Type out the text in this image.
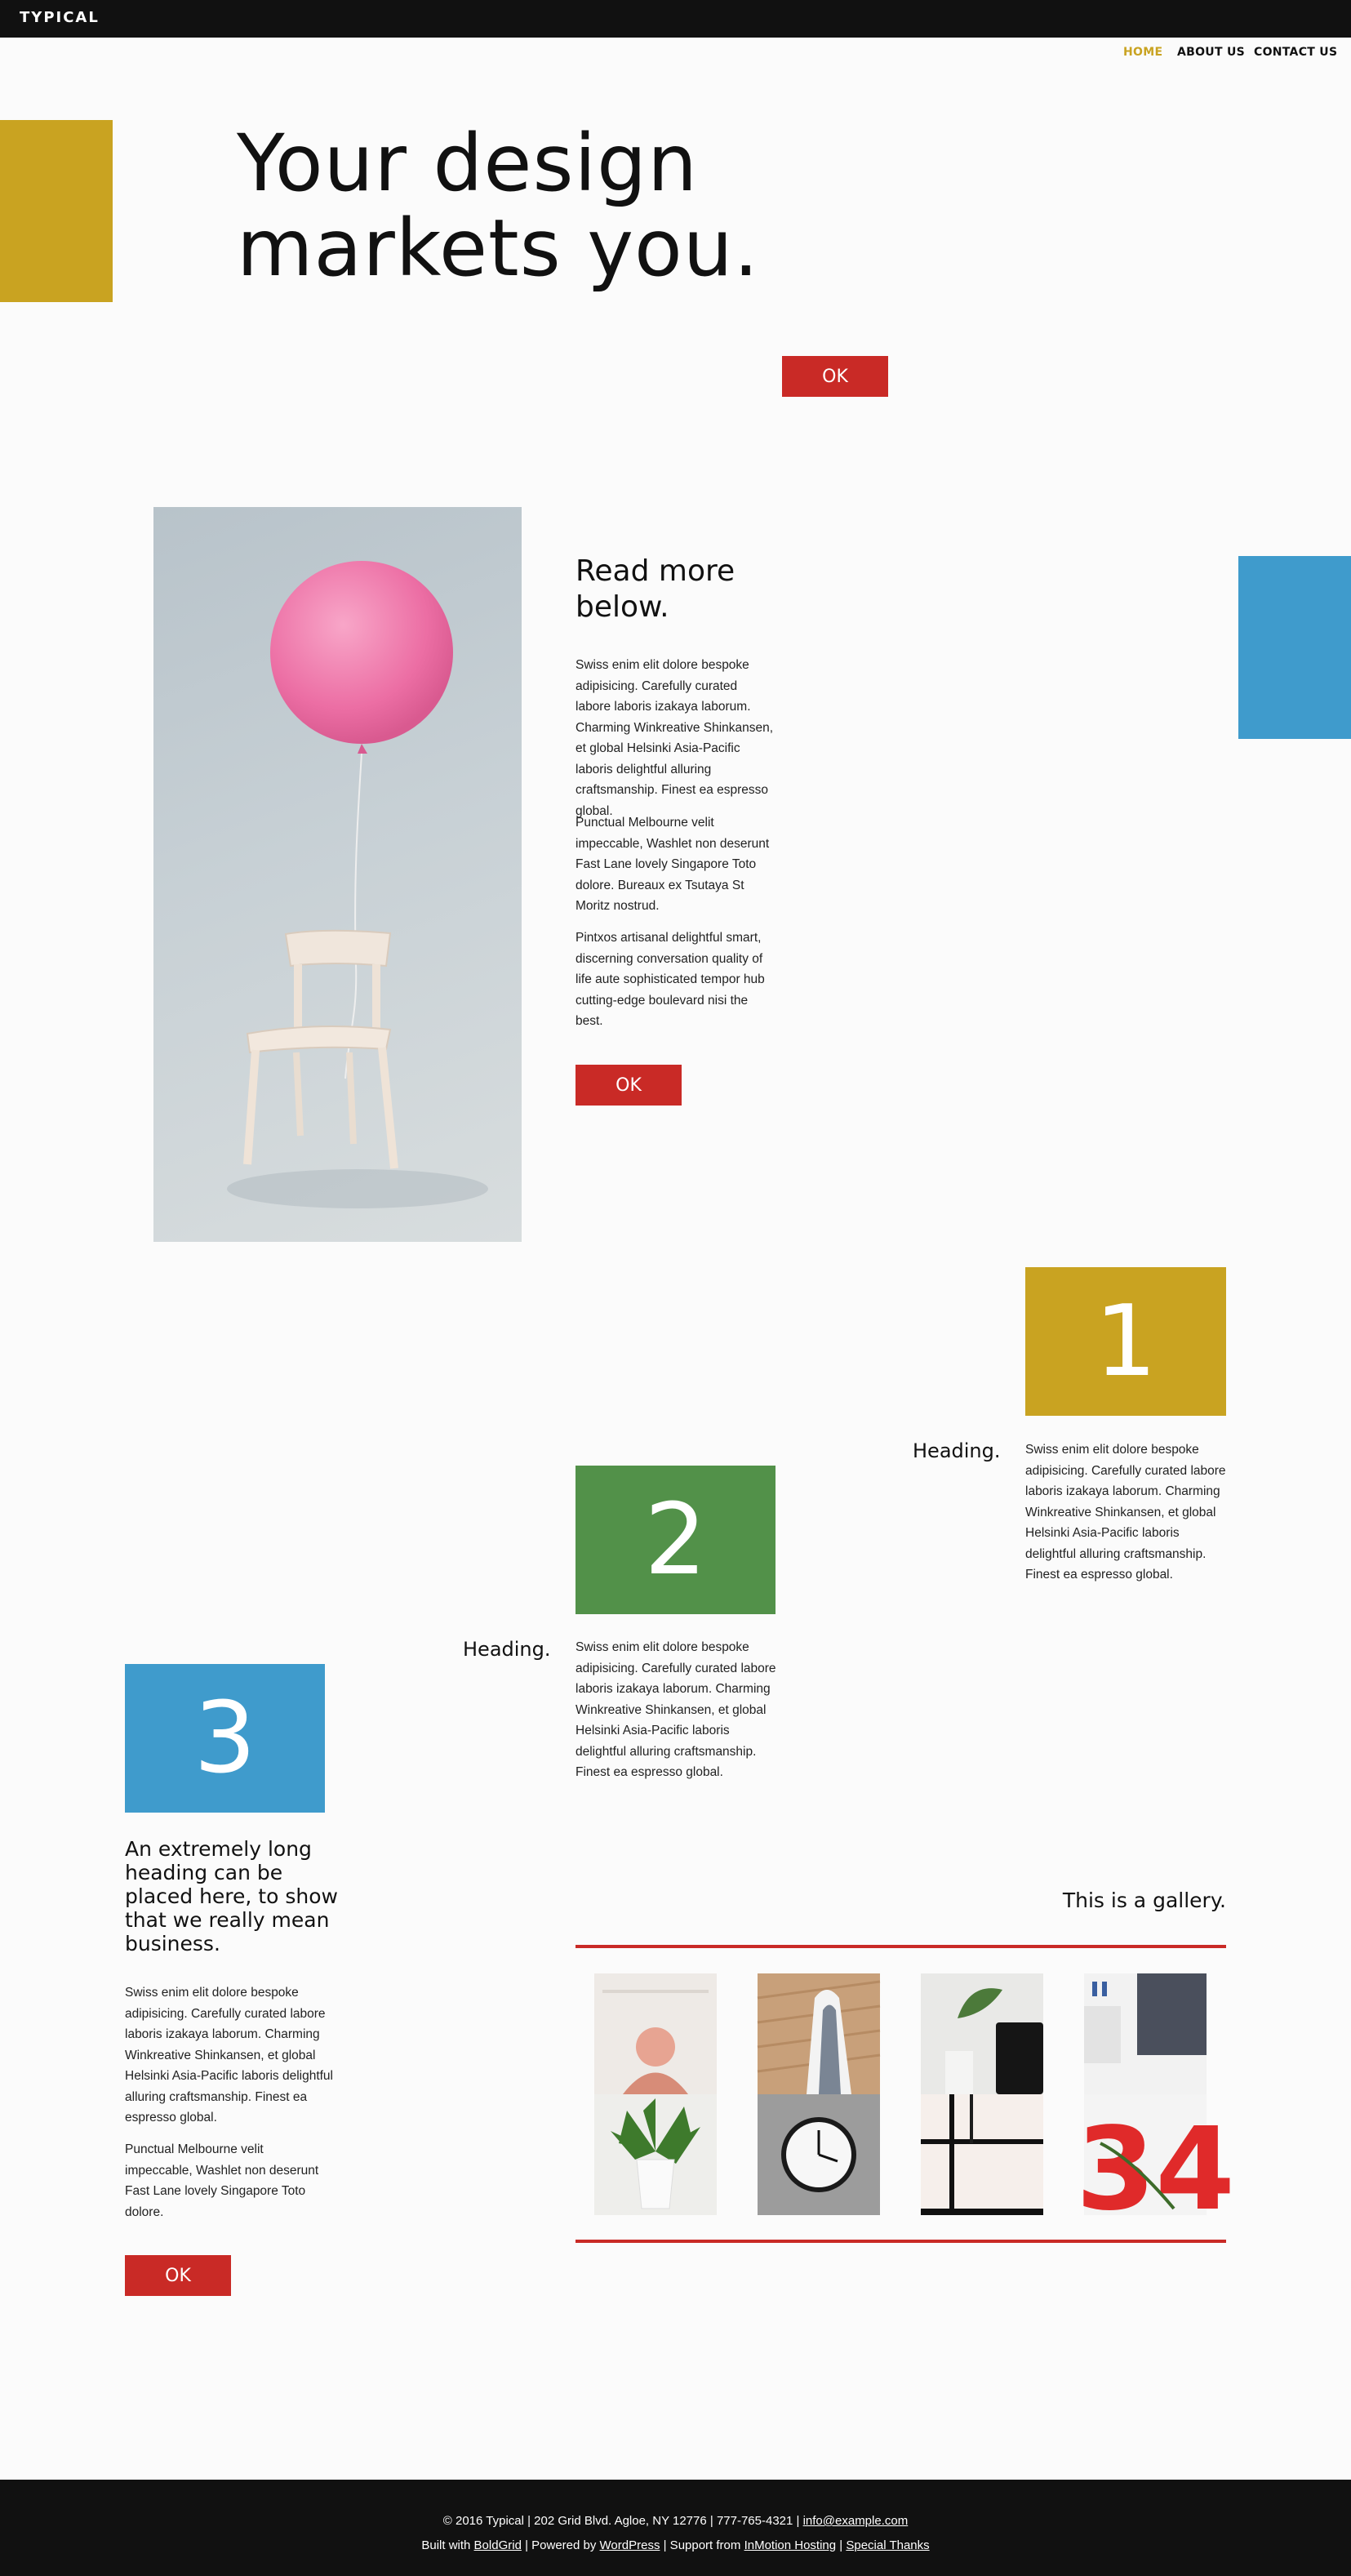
TYPICAL
HOME ABOUT US CONTACT US
Your design
markets you.
OK
Read more
below.
Swiss enim elit dolore bespoke adipisicing. Carefully curated labore laboris izakaya laborum. Charming Winkreative Shinkansen, et global Helsinki Asia-Pacific laboris delightful alluring craftsmanship. Finest ea espresso global.
Punctual Melbourne velit impeccable, Washlet non deserunt Fast Lane lovely Singapore Toto dolore. Bureaux ex Tsutaya St Moritz nostrud.
Pintxos artisanal delightful smart, discerning conversation quality of life aute sophisticated tempor hub cutting-edge boulevard nisi the best.
OK
1
Heading. Swiss enim elit dolore bespoke adipisicing. Carefully curated labore laboris izakaya laborum. Charming Winkreative Shinkansen, et global Helsinki Asia-Pacific laboris delightful alluring craftsmanship. Finest ea espresso global.
2
Heading. Swiss enim elit dolore bespoke adipisicing. Carefully curated labore laboris izakaya laborum. Charming Winkreative Shinkansen, et global Helsinki Asia-Pacific laboris delightful alluring craftsmanship. Finest ea espresso global.
3
An extremely long heading can be placed here, to show that we really mean business.
Swiss enim elit dolore bespoke adipisicing. Carefully curated labore laboris izakaya laborum. Charming Winkreative Shinkansen, et global Helsinki Asia-Pacific laboris delightful alluring craftsmanship. Finest ea espresso global.
Punctual Melbourne velit impeccable, Washlet non deserunt Fast Lane lovely Singapore Toto dolore.
OK
This is a gallery.
34
© 2016 Typical | 202 Grid Blvd. Agloe, NY 12776 | 777-765-4321 | info@example.com
Built with BoldGrid | Powered by WordPress | Support from InMotion Hosting | Special Thanks
